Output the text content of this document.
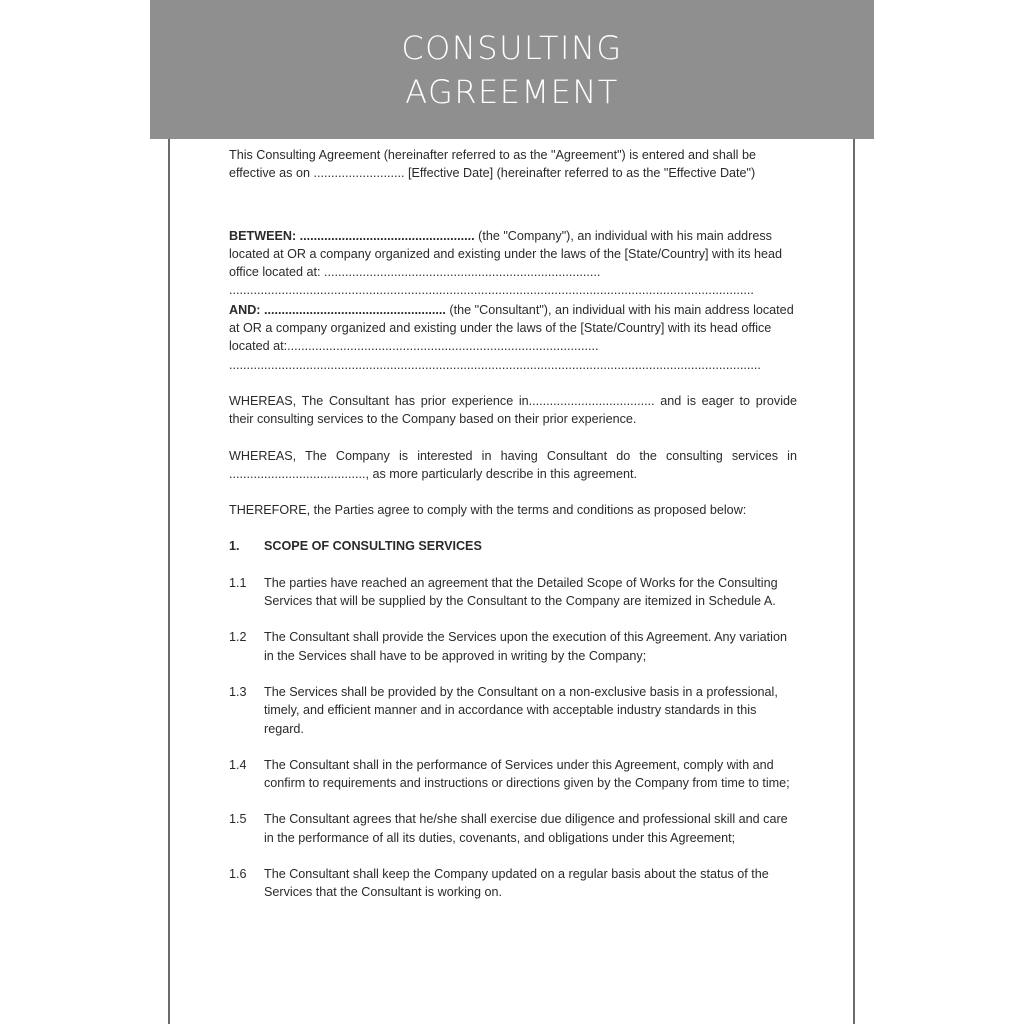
CONSULTING
AGREEMENT

This Consulting Agreement (hereinafter referred to as the "Agreement") is entered and shall be effective as on .......................... [Effective Date] (hereinafter referred to as the "Effective Date")

BETWEEN: .................................................. (the "Company"), an individual with his main address located at OR a company organized and existing under the laws of the [State/Country] with its head office located at: ...............................................................................

......................................................................................................................................................

AND: .................................................... (the "Consultant"), an individual with his main address located at OR a company organized and existing under the laws of the [State/Country] with its head office located at:.........................................................................................

........................................................................................................................................................

WHEREAS, The Consultant has prior experience in.................................... and is eager to provide their consulting services to the Company based on their prior experience.

WHEREAS, The Company is interested in having Consultant do the consulting services in ......................................., as more particularly describe in this agreement.

THEREFORE, the Parties agree to comply with the terms and conditions as proposed below:

1.	SCOPE OF CONSULTING SERVICES
1.1	The parties have reached an agreement that the Detailed Scope of Works for the Consulting Services that will be supplied by the Consultant to the Company are itemized in Schedule A.
1.2	The Consultant shall provide the Services upon the execution of this Agreement. Any variation in the Services shall have to be approved in writing by the Company;
1.3	The Services shall be provided by the Consultant on a non-exclusive basis in a professional, timely, and efficient manner and in accordance with acceptable industry standards in this regard.
1.4	The Consultant shall in the performance of Services under this Agreement, comply with and confirm to requirements and instructions or directions given by the Company from time to time;
1.5	The Consultant agrees that he/she shall exercise due diligence and professional skill and care in the performance of all its duties, covenants, and obligations under this Agreement;
1.6	The Consultant shall keep the Company updated on a regular basis about the status of the Services that the Consultant is working on.
